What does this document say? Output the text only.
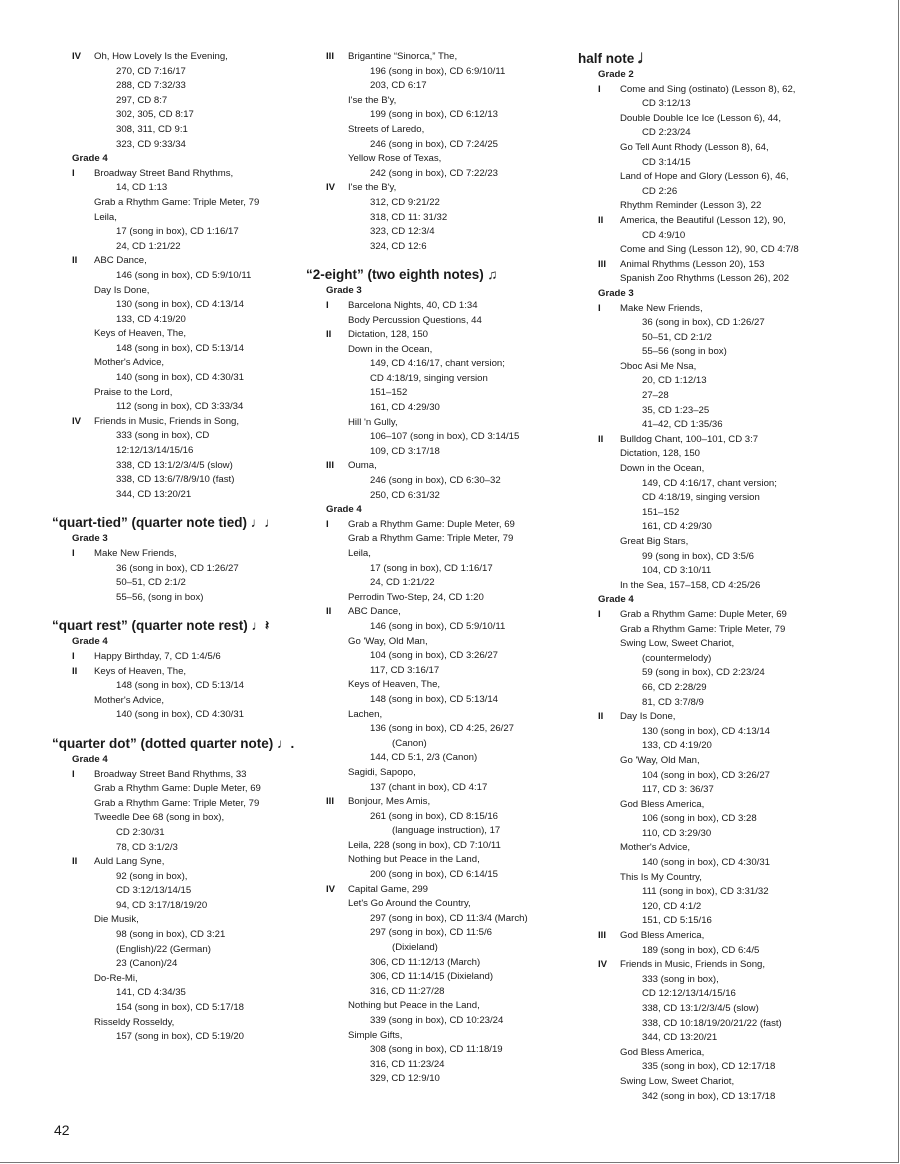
IV	Oh, How Lovely Is the Evening,
270, CD 7:16/17
288, CD 7:32/33
297, CD 8:7
302, 305, CD 8:17
308, 311, CD 9:1
323, CD 9:33/34
Grade 4
I	Broadway Street Band Rhythms,
14, CD 1:13
Grab a Rhythm Game: Triple Meter, 79
Leila,
17 (song in box), CD 1:16/17
24, CD 1:21/22
II	ABC Dance,
146 (song in box), CD 5:9/10/11
Day Is Done,
130 (song in box), CD 4:13/14
133, CD 4:19/20
Keys of Heaven, The,
148 (song in box), CD 5:13/14
Mother's Advice,
140 (song in box), CD 4:30/31
Praise to the Lord,
112 (song in box), CD 3:33/34
IV	Friends in Music, Friends in Song,
333 (song in box), CD
12:12/13/14/15/16
338, CD 13:1/2/3/4/5 (slow)
338, CD 13:6/7/8/9/10 (fast)
344, CD 13:20/21
“quart-tied” (quarter note tied) ♩♩
Grade 3
I	Make New Friends,
36 (song in box), CD 1:26/27
50–51, CD 2:1/2
55–56, (song in box)
“quart rest” (quarter note rest) ♩𝄽
Grade 4
I	Happy Birthday, 7, CD 1:4/5/6
II	Keys of Heaven, The,
148 (song in box), CD 5:13/14
Mother's Advice,
140 (song in box), CD 4:30/31
“quarter dot” (dotted quarter note) ♩.
Grade 4
I	Broadway Street Band Rhythms, 33
Grab a Rhythm Game: Duple Meter, 69
Grab a Rhythm Game: Triple Meter, 79
Tweedle Dee 68 (song in box),
CD 2:30/31
78, CD 3:1/2/3
II	Auld Lang Syne,
92 (song in box),
CD 3:12/13/14/15
94, CD 3:17/18/19/20
Die Musik,
98 (song in box), CD 3:21
(English)/22 (German)
23 (Canon)/24
Do-Re-Mi,
141, CD 4:34/35
154 (song in box), CD 5:17/18
Risseldy Rosseldy,
157 (song in box), CD 5:19/20
III	Brigantine “Sinorca,” The,
196 (song in box), CD 6:9/10/11
203, CD 6:17
I'se the B'y,
199 (song in box), CD 6:12/13
Streets of Laredo,
246 (song in box), CD 7:24/25
Yellow Rose of Texas,
242 (song in box), CD 7:22/23
IV	I'se the B'y,
312, CD 9:21/22
318, CD 11: 31/32
323, CD 12:3/4
324, CD 12:6
“2-eight” (two eighth notes) ♫
Grade 3
I	Barcelona Nights, 40, CD 1:34
Body Percussion Questions, 44
II	Dictation, 128, 150
Down in the Ocean,
149, CD 4:16/17, chant version;
CD 4:18/19, singing version
151–152
161, CD 4:29/30
Hill 'n Gully,
106–107 (song in box), CD 3:14/15
109, CD 3:17/18
III	Ouma,
246 (song in box), CD 6:30–32
250, CD 6:31/32
Grade 4
I	Grab a Rhythm Game: Duple Meter, 69
Grab a Rhythm Game: Triple Meter, 79
Leila,
17 (song in box), CD 1:16/17
24, CD 1:21/22
Perrodin Two-Step, 24, CD 1:20
II	ABC Dance,
146 (song in box), CD 5:9/10/11
Go 'Way, Old Man,
104 (song in box), CD 3:26/27
117, CD 3:16/17
Keys of Heaven, The,
148 (song in box), CD 5:13/14
Lachen,
136 (song in box), CD 4:25, 26/27
(Canon)
144, CD 5:1, 2/3 (Canon)
Sagidi, Sapopo,
137 (chant in box), CD 4:17
III	Bonjour, Mes Amis,
261 (song in box), CD 8:15/16
(language instruction), 17
Leila, 228 (song in box), CD 7:10/11
Nothing but Peace in the Land,
200 (song in box), CD 6:14/15
IV	Capital Game, 299
Let's Go Around the Country,
297 (song in box), CD 11:3/4 (March)
297 (song in box), CD 11:5/6
(Dixieland)
306, CD 11:12/13 (March)
306, CD 11:14/15 (Dixieland)
316, CD 11:27/28
Nothing but Peace in the Land,
339 (song in box), CD 10:23/24
Simple Gifts,
308 (song in box), CD 11:18/19
316, CD 11:23/24
329, CD 12:9/10
half note 𝅗𝅥
Grade 2
I	Come and Sing (ostinato) (Lesson 8), 62,
CD 3:12/13
Double Double Ice Ice (Lesson 6), 44,
CD 2:23/24
Go Tell Aunt Rhody (Lesson 8), 64,
CD 3:14/15
Land of Hope and Glory (Lesson 6), 46,
CD 2:26
Rhythm Reminder (Lesson 3), 22
II	America, the Beautiful (Lesson 12), 90,
CD 4:9/10
Come and Sing (Lesson 12), 90, CD 4:7/8
III	Animal Rhythms (Lesson 20), 153
Spanish Zoo Rhythms (Lesson 26), 202
Grade 3
I	Make New Friends,
36 (song in box), CD 1:26/27
50–51, CD 2:1/2
55–56 (song in box)
Ɔboc Asi Me Nsa,
20, CD 1:12/13
27–28
35, CD 1:23–25
41–42, CD 1:35/36
II	Bulldog Chant, 100–101, CD 3:7
Dictation, 128, 150
Down in the Ocean,
149, CD 4:16/17, chant version;
CD 4:18/19, singing version
151–152
161, CD 4:29/30
Great Big Stars,
99 (song in box), CD 3:5/6
104, CD 3:10/11
In the Sea, 157–158, CD 4:25/26
Grade 4
I	Grab a Rhythm Game: Duple Meter, 69
Grab a Rhythm Game: Triple Meter, 79
Swing Low, Sweet Chariot,
(countermelody)
59 (song in box), CD 2:23/24
66, CD 2:28/29
81, CD 3:7/8/9
II	Day Is Done,
130 (song in box), CD 4:13/14
133, CD 4:19/20
Go 'Way, Old Man,
104 (song in box), CD 3:26/27
117, CD 3: 36/37
God Bless America,
106 (song in box), CD 3:28
110, CD 3:29/30
Mother's Advice,
140 (song in box), CD 4:30/31
This Is My Country,
111 (song in box), CD 3:31/32
120, CD 4:1/2
151, CD 5:15/16
III	God Bless America,
189 (song in box), CD 6:4/5
IV	Friends in Music, Friends in Song,
333 (song in box),
CD 12:12/13/14/15/16
338, CD 13:1/2/3/4/5 (slow)
338, CD 10:18/19/20/21/22 (fast)
344, CD 13:20/21
God Bless America,
335 (song in box), CD 12:17/18
Swing Low, Sweet Chariot,
342 (song in box), CD 13:17/18
42
